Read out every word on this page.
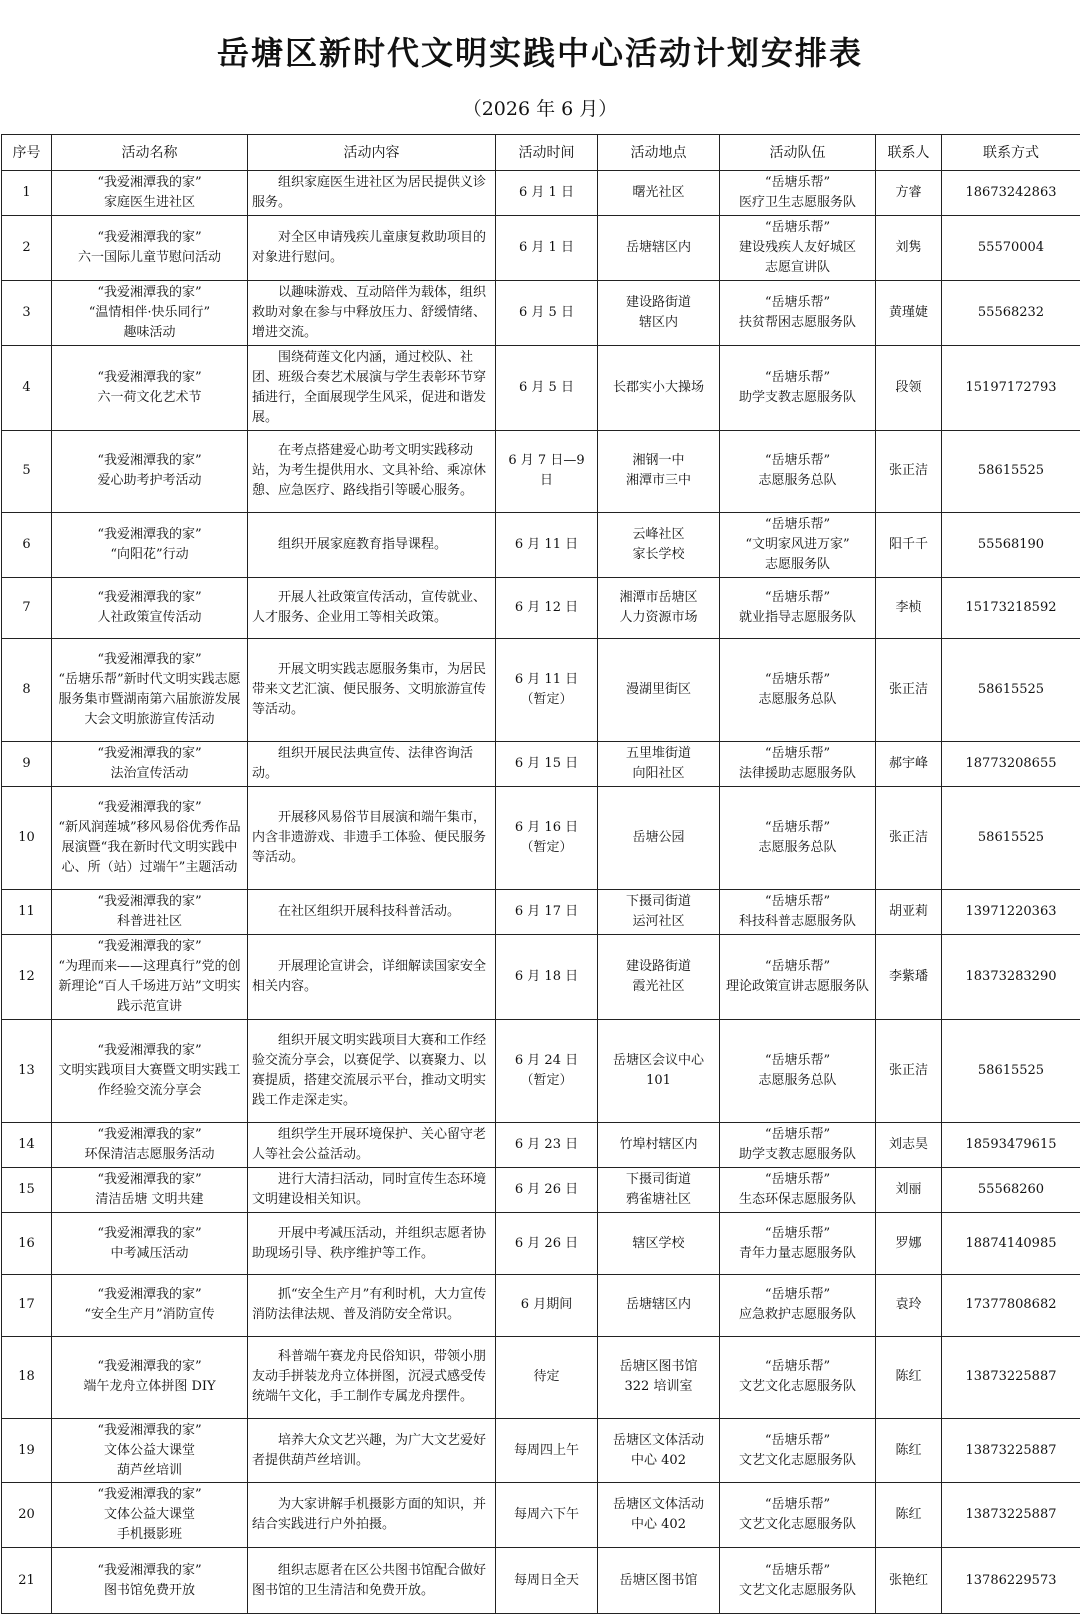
岳塘区新时代文明实践中心活动计划安排表
（2026 年 6 月）
序号	活动名称	活动内容	活动时间	活动地点	活动队伍	联系人	联系方式
1	“我爱湘潭我的家”
家庭医生进社区	组织家庭医生进社区为居民提供义诊服务。	6 月 1 日	曙光社区	“岳塘乐帮”
医疗卫生志愿服务队	方睿	18673242863
2	“我爱湘潭我的家”
六一国际儿童节慰问活动	对全区申请残疾儿童康复救助项目的对象进行慰问。	6 月 1 日	岳塘辖区内	“岳塘乐帮”
建设残疾人友好城区
志愿宣讲队	刘隽	55570004
3	“我爱湘潭我的家”
“温情相伴·快乐同行”
趣味活动	以趣味游戏、互动陪伴为载体，组织救助对象在参与中释放压力、舒缓情绪、增进交流。	6 月 5 日	建设路街道
辖区内	“岳塘乐帮”
扶贫帮困志愿服务队	黄瑾婕	55568232
4	“我爱湘潭我的家”
六一荷文化艺术节	围绕荷莲文化内涵，通过校队、社团、班级合奏艺术展演与学生表彰环节穿插进行，全面展现学生风采，促进和谐发展。	6 月 5 日	长郡实小大操场	“岳塘乐帮”
助学支教志愿服务队	段领	15197172793
5	“我爱湘潭我的家”
爱心助考护考活动	在考点搭建爱心助考文明实践移动站，为考生提供用水、文具补给、乘凉休憩、应急医疗、路线指引等暖心服务。	6 月 7 日—9 日	湘钢一中
湘潭市三中	“岳塘乐帮”
志愿服务总队	张正洁	58615525
6	“我爱湘潭我的家”
“向阳花”行动	组织开展家庭教育指导课程。	6 月 11 日	云峰社区
家长学校	“岳塘乐帮”
“文明家风进万家”
志愿服务队	阳千千	55568190
7	“我爱湘潭我的家”
人社政策宣传活动	开展人社政策宣传活动，宣传就业、人才服务、企业用工等相关政策。	6 月 12 日	湘潭市岳塘区
人力资源市场	“岳塘乐帮”
就业指导志愿服务队	李桢	15173218592
8	“我爱湘潭我的家”
“岳塘乐帮”新时代文明实践志愿服务集市暨湖南第六届旅游发展大会文明旅游宣传活动	开展文明实践志愿服务集市，为居民带来文艺汇演、便民服务、文明旅游宣传等活动。	6 月 11 日
（暂定）	漫湖里街区	“岳塘乐帮”
志愿服务总队	张正洁	58615525
9	“我爱湘潭我的家”
法治宣传活动	组织开展民法典宣传、法律咨询活动。	6 月 15 日	五里堆街道
向阳社区	“岳塘乐帮”
法律援助志愿服务队	郝宇峰	18773208655
10	“我爱湘潭我的家”
“新风润莲城”移风易俗优秀作品展演暨“我在新时代文明实践中心、所（站）过端午”主题活动	开展移风易俗节目展演和端午集市，内含非遗游戏、非遗手工体验、便民服务等活动。	6 月 16 日
（暂定）	岳塘公园	“岳塘乐帮”
志愿服务总队	张正洁	58615525
11	“我爱湘潭我的家”
科普进社区	在社区组织开展科技科普活动。	6 月 17 日	下摄司街道
运河社区	“岳塘乐帮”
科技科普志愿服务队	胡亚莉	13971220363
12	“我爱湘潭我的家”
“为理而来——这理真行”党的创新理论“百人千场进万站”文明实践示范宣讲	开展理论宣讲会，详细解读国家安全相关内容。	6 月 18 日	建设路街道
霞光社区	“岳塘乐帮”
理论政策宣讲志愿服务队	李紫璠	18373283290
13	“我爱湘潭我的家”
文明实践项目大赛暨文明实践工作经验交流分享会	组织开展文明实践项目大赛和工作经验交流分享会，以赛促学、以赛聚力、以赛提质，搭建交流展示平台，推动文明实践工作走深走实。	6 月 24 日
（暂定）	岳塘区会议中心
101	“岳塘乐帮”
志愿服务总队	张正洁	58615525
14	“我爱湘潭我的家”
环保清洁志愿服务活动	组织学生开展环境保护、关心留守老人等社会公益活动。	6 月 23 日	竹埠村辖区内	“岳塘乐帮”
助学支教志愿服务队	刘志昊	18593479615
15	“我爱湘潭我的家”
清洁岳塘 文明共建	进行大清扫活动，同时宣传生态环境文明建设相关知识。	6 月 26 日	下摄司街道
鸦雀塘社区	“岳塘乐帮”
生态环保志愿服务队	刘丽	55568260
16	“我爱湘潭我的家”
中考减压活动	开展中考减压活动，并组织志愿者协助现场引导、秩序维护等工作。	6 月 26 日	辖区学校	“岳塘乐帮”
青年力量志愿服务队	罗娜	18874140985
17	“我爱湘潭我的家”
“安全生产月”消防宣传	抓“安全生产月”有利时机，大力宣传消防法律法规、普及消防安全常识。	6 月期间	岳塘辖区内	“岳塘乐帮”
应急救护志愿服务队	袁玲	17377808682
18	“我爱湘潭我的家”
端午龙舟立体拼图 DIY	科普端午赛龙舟民俗知识，带领小朋友动手拼装龙舟立体拼图，沉浸式感受传统端午文化，手工制作专属龙舟摆件。	待定	岳塘区图书馆
322 培训室	“岳塘乐帮”
文艺文化志愿服务队	陈红	13873225887
19	“我爱湘潭我的家”
文体公益大课堂
葫芦丝培训	培养大众文艺兴趣，为广大文艺爱好者提供葫芦丝培训。	每周四上午	岳塘区文体活动
中心 402	“岳塘乐帮”
文艺文化志愿服务队	陈红	13873225887
20	“我爱湘潭我的家”
文体公益大课堂
手机摄影班	为大家讲解手机摄影方面的知识，并结合实践进行户外拍摄。	每周六下午	岳塘区文体活动
中心 402	“岳塘乐帮”
文艺文化志愿服务队	陈红	13873225887
21	“我爱湘潭我的家”
图书馆免费开放	组织志愿者在区公共图书馆配合做好图书馆的卫生清洁和免费开放。	每周日全天	岳塘区图书馆	“岳塘乐帮”
文艺文化志愿服务队	张艳红	13786229573
